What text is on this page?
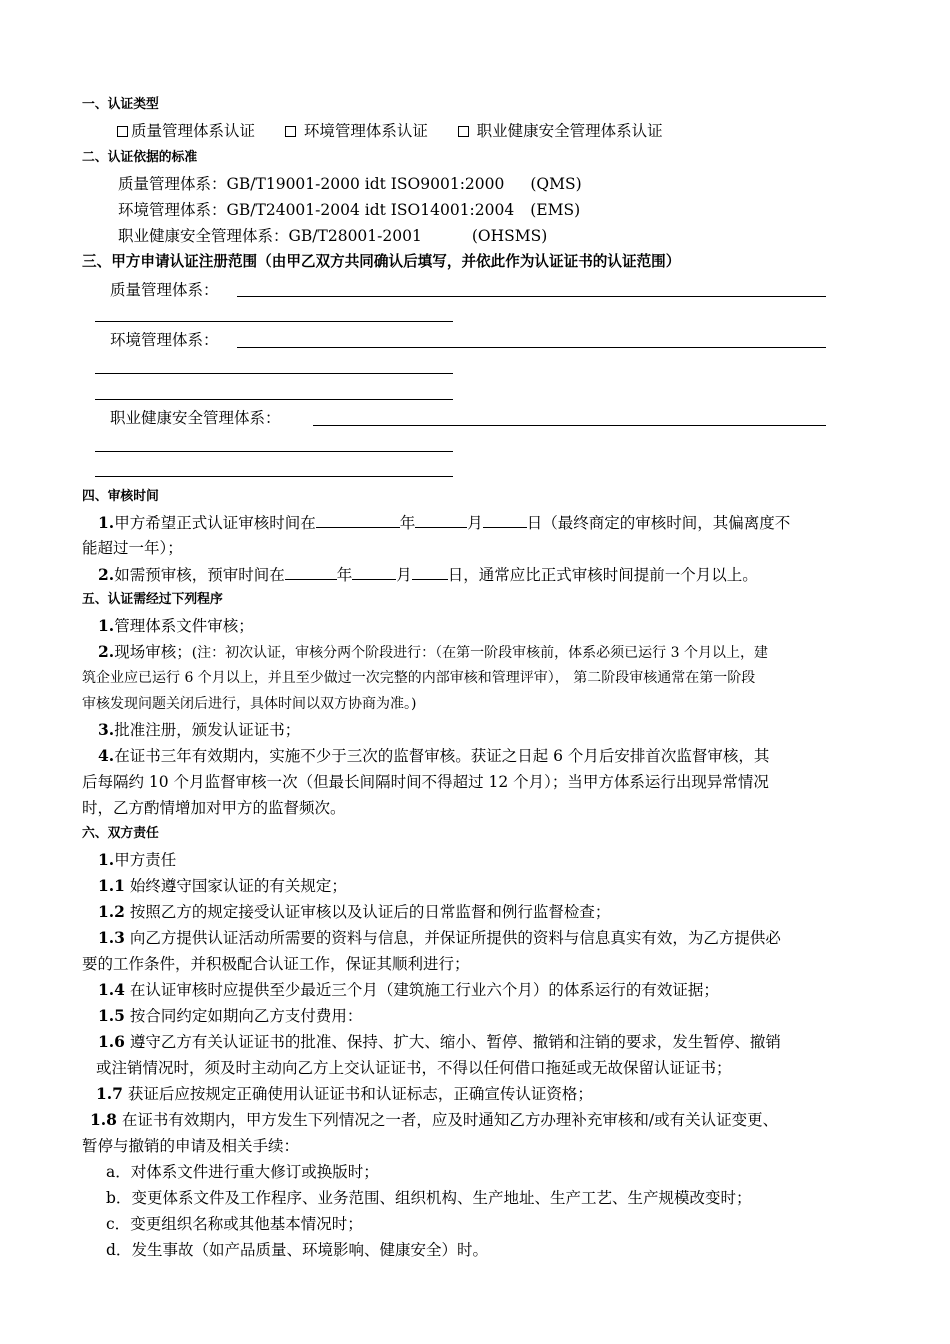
一、认证类型
质量管理体系认证	环境管理体系认证	职业健康安全管理体系认证
二、认证依据的标准
质量管理体系：GB/T19001-2000 idt ISO9001:2000 (QMS)
环境管理体系：GB/T24001-2004 idt ISO14001:2004 (EMS)
职业健康安全管理体系：GB/T28001-2001	(OHSMS)
三、甲方申请认证注册范围（由甲乙双方共同确认后填写，并依此作为认证证书的认证范围）
质量管理体系：
环境管理体系：
职业健康安全管理体系：
四、审核时间
1.甲方希望正式认证审核时间在	年	月	日（最终商定的审核时间，其偏离度不
能超过一年）；
2.如需预审核，预审时间在	年	月 日，通常应比正式审核时间提前一个月以上。
五、认证需经过下列程序
1.管理体系文件审核；
2.现场审核；(注：初次认证，审核分两个阶段进行：（在第一阶段审核前，体系必须已运行 3 个月以上，建
筑企业应已运行 6 个月以上，并且至少做过一次完整的内部审核和管理评审）， 第二阶段审核通常在第一阶段
审核发现问题关闭后进行，具体时间以双方协商为准。)
3.批准注册，颁发认证证书；
4.在证书三年有效期内，实施不少于三次的监督审核。获证之日起 6 个月后安排首次监督审核，其
后每隔约 10 个月监督审核一次（但最长间隔时间不得超过 12 个月）；当甲方体系运行出现异常情况
时，乙方酌情增加对甲方的监督频次。
六、双方责任
1.甲方责任
1.1 始终遵守国家认证的有关规定；
1.2 按照乙方的规定接受认证审核以及认证后的日常监督和例行监督检查；
1.3 向乙方提供认证活动所需要的资料与信息，并保证所提供的资料与信息真实有效，为乙方提供必
要的工作条件，并积极配合认证工作，保证其顺利进行；
1.4 在认证审核时应提供至少最近三个月（建筑施工行业六个月）的体系运行的有效证据；
1.5 按合同约定如期向乙方支付费用：
1.6 遵守乙方有关认证证书的批准、保持、扩大、缩小、暂停、撤销和注销的要求，发生暂停、撤销
或注销情况时，须及时主动向乙方上交认证证书，不得以任何借口拖延或无故保留认证证书；
1.7 获证后应按规定正确使用认证证书和认证标志，正确宣传认证资格；
1.8 在证书有效期内，甲方发生下列情况之一者，应及时通知乙方办理补充审核和/或有关认证变更、
暂停与撤销的申请及相关手续：
a．对体系文件进行重大修订或换版时；
b．变更体系文件及工作程序、业务范围、组织机构、生产地址、生产工艺、生产规模改变时；
c．变更组织名称或其他基本情况时；
d．发生事故（如产品质量、环境影响、健康安全）时。
